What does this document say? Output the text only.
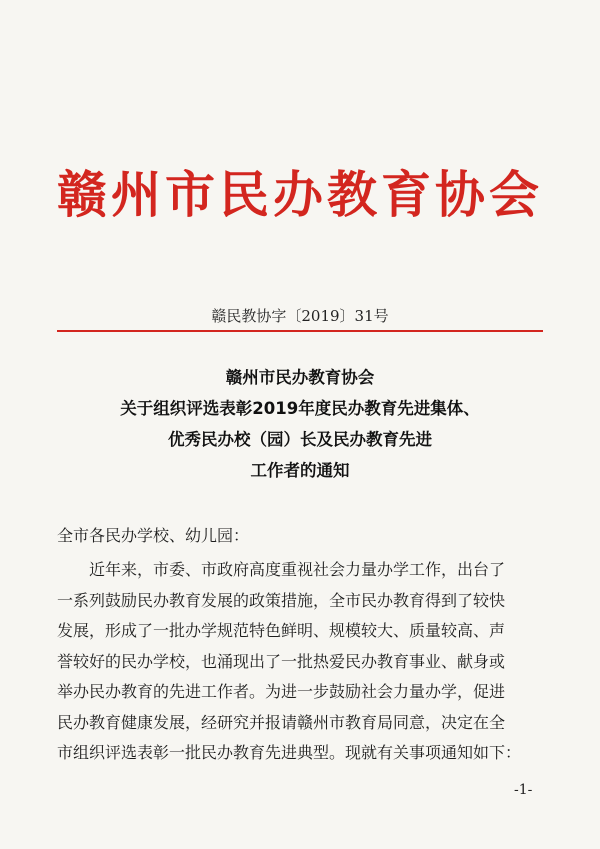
赣州市民办教育协会
赣民教协字〔2019〕31号
赣州市民办教育协会
关于组织评选表彰2019年度民办教育先进集体、
优秀民办校（园）长及民办教育先进
工作者的通知
全市各民办学校、幼儿园：
近年来，市委、市政府高度重视社会力量办学工作，出台了
一系列鼓励民办教育发展的政策措施，全市民办教育得到了较快
发展，形成了一批办学规范特色鲜明、规模较大、质量较高、声
誉较好的民办学校，也涌现出了一批热爱民办教育事业、献身或
举办民办教育的先进工作者。为进一步鼓励社会力量办学，促进
民办教育健康发展，经研究并报请赣州市教育局同意，决定在全
市组织评选表彰一批民办教育先进典型。现就有关事项通知如下：
-1-
